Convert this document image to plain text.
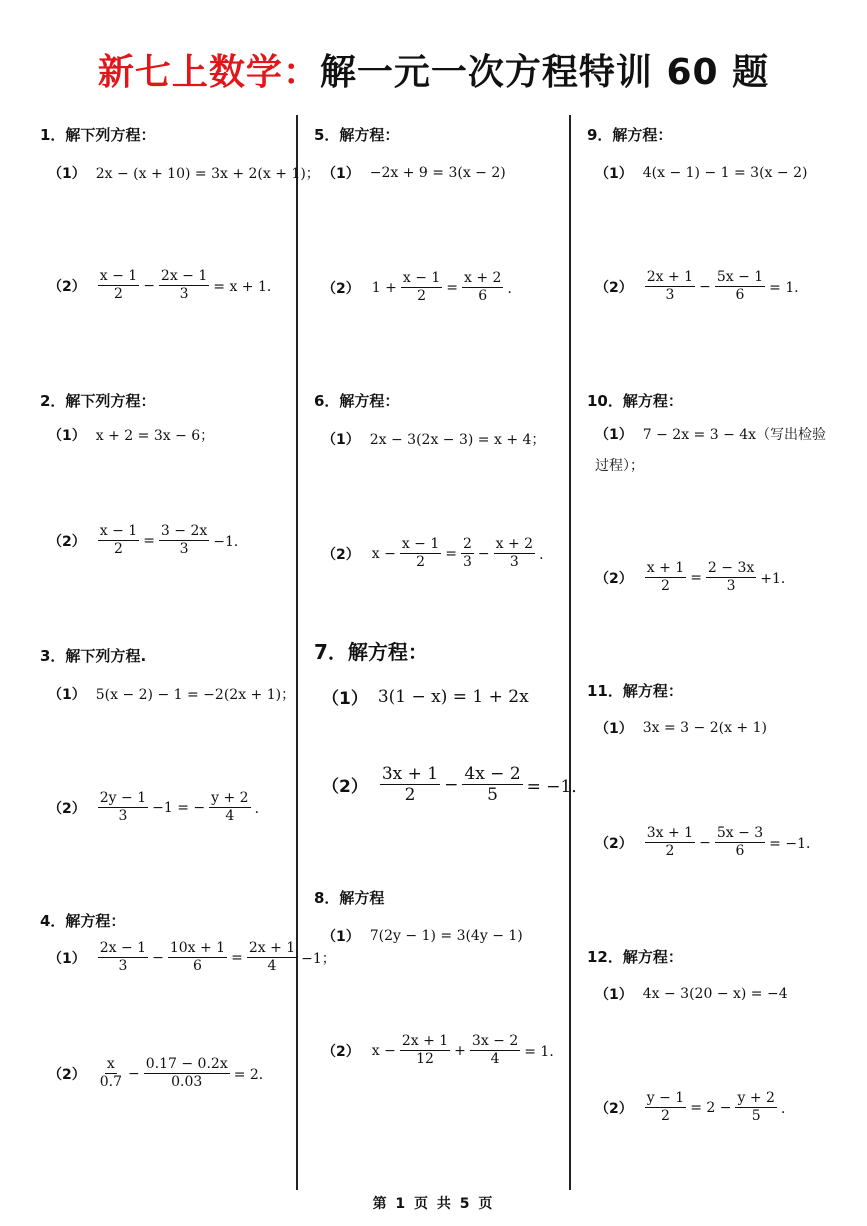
新七上数学：解一元一次方程特训 60 题
1．解下列方程：
（1） 2x − (x + 10) = 3x + 2(x + 1)；
$(2) \frac{x - 1}{2} - \frac{2x - 1}{3} = x + 1$．
2．解下列方程：
（1） x + 2 = 3x − 6；
$(2) \frac{x - 1}{2} = \frac{3 - 2x}{3} -1$．
3．解下列方程.
（1） 5(x − 2) − 1 = −2(2x + 1)；
$(2) \frac{2y - 1}{3} -1$ = − $\frac{y + 2}{4}$ ．
4．解方程：
$(1) \frac{2x - 1}{3} - \frac{10x + 1}{6} = \frac{2x + 1}{4} -1$；
$(2) \frac{x}{0.7} - \frac{0.17 - 0.2x}{0.03} = 2$．
5．解方程：
（1） −2x + 9 = 3(x − 2)
（2） $1 + \frac{x - 1}{2} = \frac{x + 2}{6}$ ．
6．解方程：
（1） 2x − 3(2x − 3) = x + 4；
（2） $x - \frac{x - 1}{2} = \frac{2}{3} - \frac{x + 2}{3}$ ．
7．解方程：
（1） 3(1 − x) = 1 + 2x
$(2) \frac{3x + 1}{2} - \frac{4x - 2}{5} = -1$．
8．解方程
（1） 7(2y − 1) = 3(4y − 1)
（2） $x - \frac{2x + 1}{12} + \frac{3x - 2}{4} = 1$．
9．解方程：
（1） 4(x − 1) − 1 = 3(x − 2)
$(2) \frac{2x + 1}{3} - \frac{5x - 1}{6} = 1$．
10．解方程：
（1） 7 − 2x = 3 − 4x（写出检验过程）；
$(2) \frac{x + 1}{2} = \frac{2 - 3x}{3} +1$．
11．解方程：
（1） 3x = 3 − 2(x + 1)
$(2) \frac{3x + 1}{2} - \frac{5x - 3}{6} = -1$．
12．解方程：
（1） 4x − 3(20 − x) = −4
$(2) \frac{y - 1}{2} = 2 - \frac{y + 2}{5}$ ．
第 1 页 共 5 页
